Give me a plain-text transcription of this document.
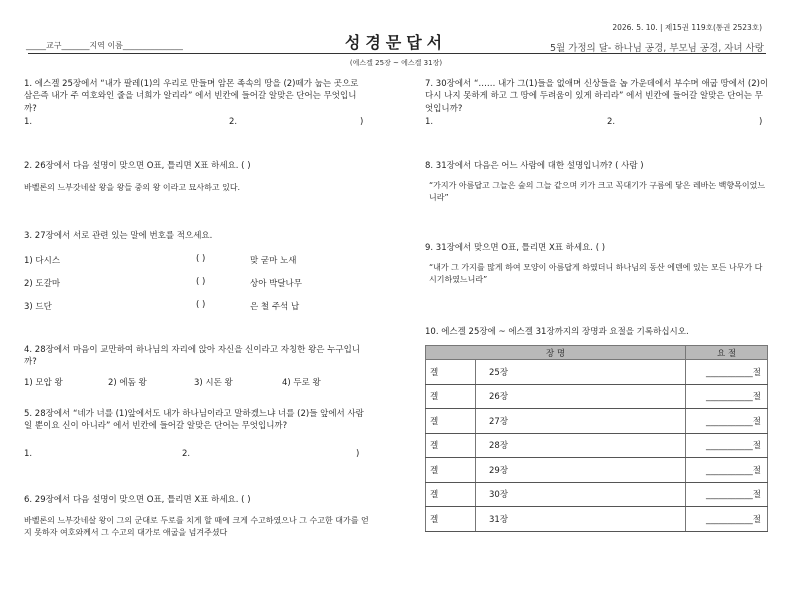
_____교구_______지역 이름_______________	성경문답서
2026. 5. 10. | 제15권 119호(통권 2523호)
5월 가정의 달- 하나님 공경, 부모님 공경, 자녀 사랑
(에스겔 25장 ~ 에스겔 31장)
1. 에스겔 25장에서 “내가 팔레(1)의 우리로 만들며 암몬 족속의 땅을 (2)떼가 눕는 곳으로 삼은즉 내가 주 여호와인 줄을 너희가 알리라” 에서 빈칸에 들어갈 알맞은 단어는 무엇입니까?
1.	2.	)
2. 26장에서 다음 설명이 맞으면 O표, 틀리면 X표 하세요. ( )
바벨론의 느부갓네살 왕을 왕들 중의 왕 이라고 묘사하고 있다.
3. 27장에서 서로 관련 있는 말에 번호를 적으세요.
1) 다시스	( )	맞 굳마 노새
2) 도갈마	( )	상아 박달나무
3) 드단	( )	은 철 주석 납
4. 28장에서 마음이 교만하여 하나님의 자리에 앉아 자신을 신이라고 자칭한 왕은 누구입니까?
1) 모압 왕	2) 에돔 왕	3) 시돈 왕	4) 두로 왕
5. 28장에서 “네가 너를 (1)앞에서도 내가 하나님이라고 말하겠느냐 너를 (2)들 앞에서 사람일 뿐이요 신이 아니라” 에서 빈칸에 들어갈 알맞은 단어는 무엇입니까?
1.	2.	)
6. 29장에서 다음 설명이 맞으면 O표, 틀리면 X표 하세요. ( )
바벨론의 느부갓네살 왕이 그의 군대로 두로를 치게 할 때에 크게 수고하였으나 그 수고한 대가를 얻지 못하자 여호와께서 그 수고의 대가로 애굽을 넘겨주셨다
7. 30장에서 “…… 내가 그(1)들을 없애며 신상들을 놉 가운데에서 부수며 애굽 땅에서 (2)이 다시 나지 못하게 하고 그 땅에 두려움이 있게 하리라” 에서 빈칸에 들어갈 알맞은 단어는 무엇입니까?
1.	2.	)
8. 31장에서 다음은 어느 사람에 대한 설명입니까? ( 사람 )
“가지가 아름답고 그늘은 숲의 그늘 같으며 키가 크고 꼭대기가 구름에 닿은 레바논 백향목이었느니라”
9. 31장에서 맞으면 O표, 틀리면 X표 하세요. ( )
“내가 그 가지를 많게 하여 모양이 아름답게 하였더니 하나님의 동산 에덴에 있는 모든 나무가 다 시기하였느니라”
10. 에스겔 25장에 ~ 에스겔 31장까지의 장명과 요절을 기록하십시오.
장 명		요 절
겔	25장	___________절
겔	26장	___________절
겔	27장	___________절
겔	28장	___________절
겔	29장	___________절
겔	30장	___________절
겔	31장	___________절
